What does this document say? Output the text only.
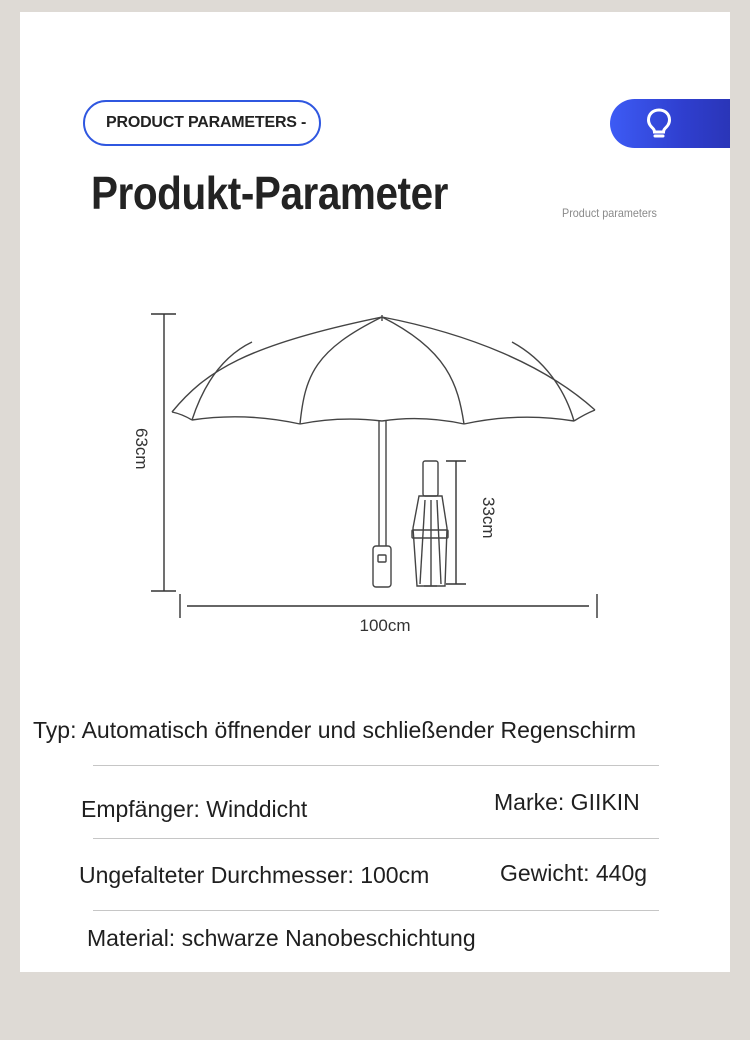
PRODUCT PARAMETERS -
Produkt-Parameter	Product parameters
63cm
33cm
100cm
Typ: Automatisch öffnender und schließender Regenschirm
Empfänger: Winddicht	Marke: GIIKIN
Ungefalteter Durchmesser: 100cm	Gewicht: 440g
Material: schwarze Nanobeschichtung
